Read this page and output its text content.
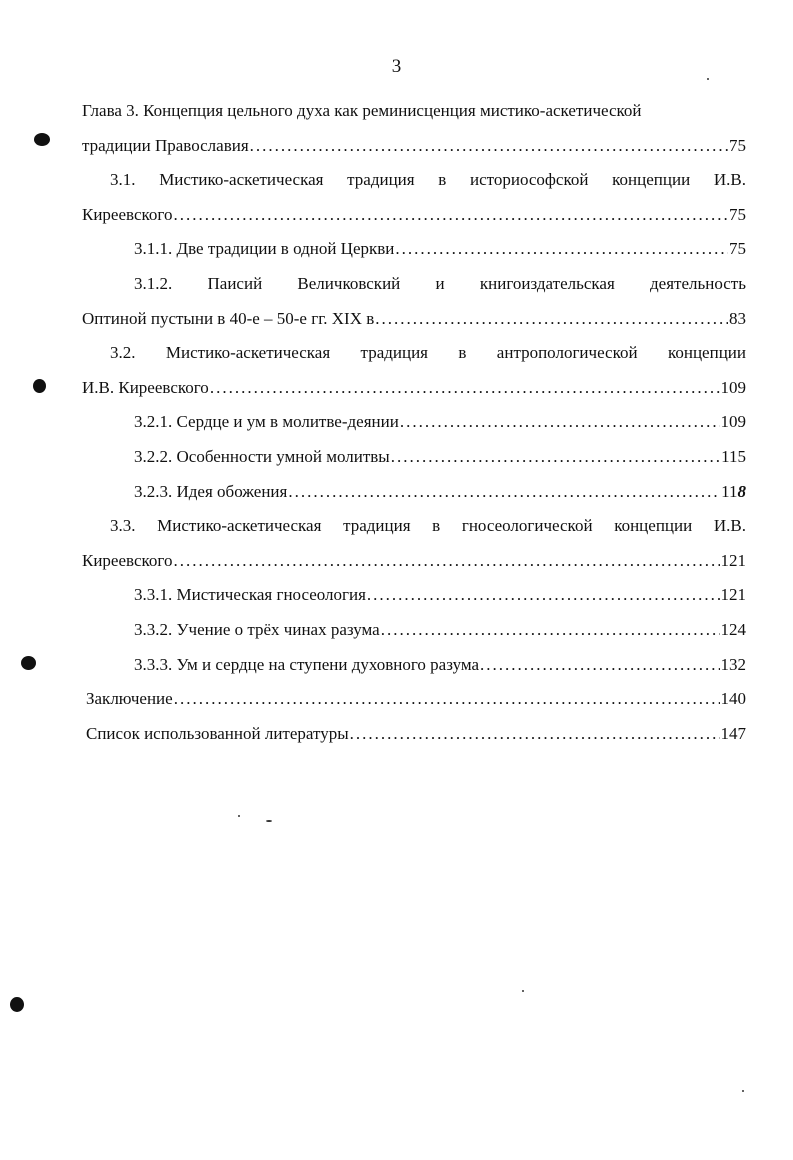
3
Глава 3. Концепция цельного духа как реминисценция мистико-аскетической
традиции Православия .....	75
3.1. Мистико-аскетическая традиция в историософской концепции И.В.
Киреевского .....	75
3.1.1. Две традиции в одной Церкви .....	75
3.1.2. Паисий Величковский и книгоиздательская деятельность
Оптиной пустыни в 40-е – 50-е гг. XIX в .....	83
3.2. Мистико-аскетическая традиция в антропологической концепции
И.В. Киреевского .....	109
3.2.1. Сердце и ум в молитве-деянии .....	109
3.2.2. Особенности умной молитвы .....	115
3.2.3. Идея обожения .....	118
3.3. Мистико-аскетическая традиция в гносеологической концепции И.В.
Киреевского .....	121
3.3.1. Мистическая гносеология .....	121
3.3.2. Учение о трёх чинах разума .....	124
3.3.3. Ум и сердце на ступени духовного разума .....	132
Заключение .....	140
Список использованной литературы .....	147
